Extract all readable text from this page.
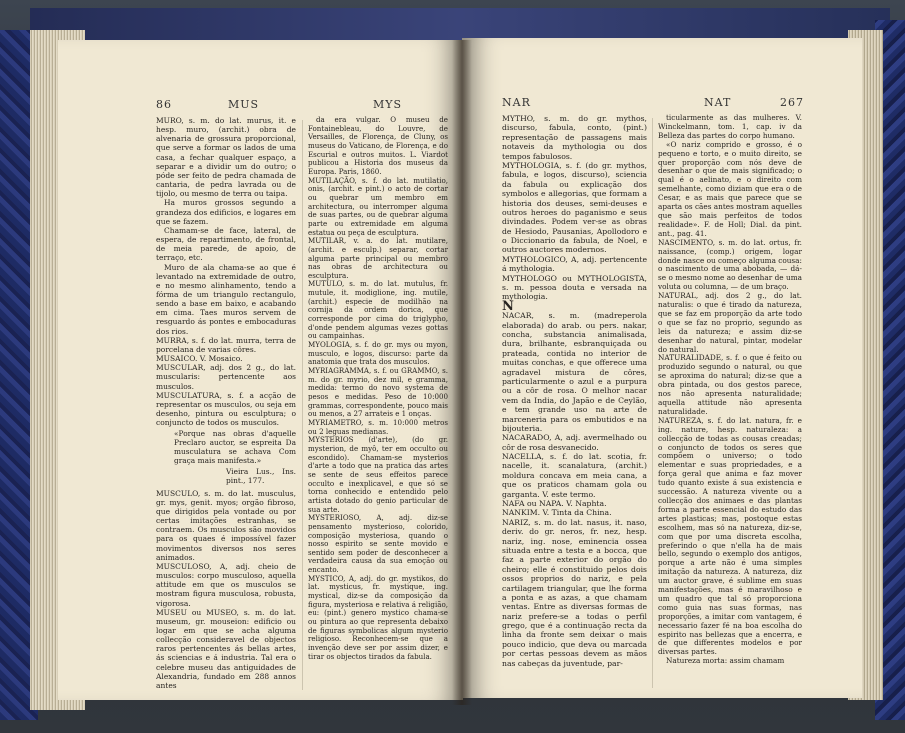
86	MUS	MYS

MURO, s. m. do lat. murus, it. e hesp. muro, (archit.) obra de alvenaria de grossura proporcional, que serve a formar os lados de uma casa, a fechar qualquer espaço, a separar e a dividir um do outro; o póde ser feito de pedra chamada de cantaria, de pedra lavrada ou de tijolo, ou mesmo de terra ou taipa.

Ha muros grossos segundo a grandeza dos edificios, e logares em que se fazem.

Chamam-se de face, lateral, de espera, de repartimento, de frontal, de meia parede, de apoio, de terraço, etc.

Muro de ala chama-se ao que é levantado na extremidade de outro, e no mesmo alinhamento, tendo a fórma de um triangulo rectangulo, sendo a base em baixo, e acabando em cima. Taes muros servem de resguardo ás pontes e embocaduras dos rios.

MURRA, s. f. do lat. murra, terra de porcelana de varias côres.

MUSAICO. V. Mosaico.

MUSCULAR, adj. dos 2 g., do lat. muscularis: pertencente aos musculos.

MUSCULATURA, s. f. a acção de representar os musculos, ou seja em desenho, pintura ou esculptura; o conjuncto de todos os musculos.

«Porque nas obras d'aquelle Preclaro auctor, se espreita Da musculatura se achava Com graça mais manifesta.»

Vieira Lus., Ins. pint., 177.

MUSCULO, s. m. do lat. musculus, gr. mys, genit. myos; orgão fibroso, que dirigidos pela vontade ou por certas imitações estranhas, se contraem. Os musculos são movidos para os quaes é impossível fazer movimentos diversos nos seres animados.

MUSCULOSO, A, adj. cheio de musculos: corpo musculoso, aquella attitude em que os musculos se mostram figura musculosa, robusta, vigorosa.

MUSEU ou MUSEO, s. m. do lat. museum, gr. mouseion: edificio ou logar em que se acha alguma collecção consideravel de objectos raros pertencentes ás bellas artes, ás sciencias e á industria. Tal era o celebre museu das antiguidades de Alexandria, fundado em 288 annos antes

da era vulgar. O museu de Fontainebleau, do Louvre, de Versailles, de Florença, de Cluny, os museus do Vaticano, de Florença, e do Escurial e outros muitos. L. Viardot publicou a Historia dos museus da Europa. Paris, 1860.

MUTILAÇÃO, s. f. do lat. mutilatio, onis, (archit. e pint.) o acto de cortar ou quebrar um membro em architectura, ou interromper alguma de suas partes, ou de quebrar alguma parte ou extremidade em alguma estatua ou peça de esculptura.

MUTILAR, v. a. do lat. mutilare, (archit. e esculp.) separar, cortar alguma parte principal ou membro nas obras de architectura ou esculptura.

MUTULO, s. m. do lat. mutulus, fr. mutule, it. modiglione, ing. mutile, (archit.) especie de modilhão na cornija da ordem dorica, que corresponde por cima do triglypho, d'onde pendem algumas vezes gottas ou campainhas.

MYOLOGIA, s. f. do gr. mys ou myon, musculo, e logos, discurso: parte da anatomia que trata dos musculos.

MYRIAGRAMMA, s. f. ou GRAMMO, s. m. do gr. myrio, dez mil, e gramma, medida: termo do novo systema de pesos e medidas. Peso de 10:000 grammas, correspondente, pouco mais ou menos, a 27 arrateis e 1 onças.

MYRIAMETRO, s. m. 10:000 metros ou 2 leguas medianas.

MYSTERIOS (d'arte), (do gr. mysterion, de myô, ter em occulto ou escondido). Chamam-se mysterios d'arte a todo que na pratica das artes se sente de seus effeitos parece occulto e inexplicavel, e que só se torna conhecido e entendido pelo artista dotado do genio particular de sua arte.

MYSTERIOSO, A, adj. diz-se pensamento mysterioso, colorido, composição mysteriosa, quando o nosso espirito se sente movido e sentido sem poder de desconhecer a verdadeira causa da sua emoção ou encanto.

MYSTICO, A, adj. do gr. mystikos, do lat. mysticus, fr. mystique, ing. mystical, diz-se da composição da figura, mysteriosa e relativa á religião, eu: (pint.) genero mystico chama-se ou pintura ao que representa debaixo de figuras symbolicas algum mysterio religioso. Reconhecem-se que a invenção deve ser por assim dizer, e tirar os objectos tirados da fabula.

NAR	NAT	267

MYTHO, s. m. do gr. mythos, discurso, fabula, conto, (pint.) representação de passagens mais notaveis da mythologia ou dos tempos fabulosos.

MYTHOLOGIA, s. f. (do gr. mythos, fabula, e logos, discurso), sciencia da fabula ou explicação dos symbolos e allegorias, que formam a historia dos deuses, semi-deuses e outros heroes do paganismo e seus divindades. Podem ver-se as obras de Hesiodo, Pausanias, Apollodoro e o Diccionario da fabula, de Noel, e outros auctores modernos.

MYTHOLOGICO, A, adj. pertencente á mythologia.

MYTHOLOGO ou MYTHOLOGISTA, s. m. pessoa douta e versada na mythologia.

N

NACAR, s. m. (madreperola elaborada) do arab. ou pers. nakar, concha, substancia animalisada, dura, brilhante, esbranquiçada ou prateada, contida no interior de muitas conchas, e que offerece uma agradavel mistura de côres, particularmente o azul e a purpura ou a côr de rosa. O melhor nacar vem da India, do Japão e de Ceylão, e tem grande uso na arte de marceneria para os embutidos e na bijouteria.

NACARADO, A, adj. avermelhado ou côr de rosa desvanecido.

NACELLA, s. f. do lat. scotia, fr. nacelle, it. scanalatura, (archit.) moldura concava em meia cana, a que os praticos chamam gola ou garganta. V. este termo.

NAFA ou NAPA. V. Naphta.

NANKIM. V. Tinta da China.

NARIZ, s. m. do lat. nasus, it. naso, deriv. do gr. neros, fr. nez, hesp. nariz, ing. nose, eminencia ossea situada entre a testa e a bocca, que faz a parte exterior do orgão do cheiro; elle é constituido pelos dois ossos proprios do nariz, e pela cartilagem triangular, que lhe forma a ponta e as azas, a que chamam ventas. Entre as diversas formas de nariz prefere-se a todas o perfil grego, que é a continuação recta da linha da fronte sem deixar o mais pouco indicio, que deva ou marcada por certas pessoas devem as mãos nas cabeças da juventude, par-

ticularmente as das mulheres. V. Winckelmann, tom. 1, cap. iv da Belleza das partes do corpo humano.

«O nariz comprido e grosso, é o pequeno e torto, e o muito direito, se quer proporção com nós deve de desenhar o que de mais significado; o qual é o aelinato, e o direito com semelhante, como diziam que era o de Cesar, e as mais que parece que se aparta os cães antes mostram aquelles que são mais perfeitos de todos realidade». F. de Holl; Dial. da pint. ant., pag. 41.

NASCIMENTO, s. m. do lat. ortus, fr. naissance, (comp.) origem, logar donde nasce ou começo alguma cousa: o nascimento de uma abobada, — dá-se o mesmo nome ao desenhar de uma voluta ou columna, — de um braço.

NATURAL, adj. dos 2 g., do lat. naturalis: o que é tirado da natureza, que se faz em proporção da arte todo o que se faz no proprio, segundo as leis da natureza; e assim diz-se desenhar do natural, pintar, modelar do natural.

NATURALIDADE, s. f. o que é feito ou produzido segundo o natural, ou que se aproxima do natural; diz-se que a obra pintada, ou dos gestos parece, nos não apresenta naturalidade; aquella attitude não apresenta naturalidade.

NATUREZA, s. f. do lat. natura, fr. e ing. nature, hesp. naturaleza: a collecção de todas as cousas creadas; o conjuncto de todos os seres que compõem o universo; o todo elementar e suas propriedades, e a força geral que anima e faz mover tudo quanto existe á sua existencia e successão. A natureza vivente ou a collecção dos animaes e das plantas forma a parte essencial do estudo das artes plasticas; mas, postoque estas escolhem, mas só na natureza, diz-se, com que por uma discreta escolha, preferindo o que n'ella ha de mais bello, segundo o exemplo dos antigos, porque a arte não é uma simples imitação da natureza. A natureza, diz um auctor grave, é sublime em suas manifestações, mas é maravilhoso e um quadro que tal só proporciona como guia nas suas formas, nas proporções, a imitar com vantagem, é necessario fazer fé na boa escolha do espirito nas bellezas que a encerra, e de que differentes modelos e por diversas partes.

Natureza morta: assim chamam
